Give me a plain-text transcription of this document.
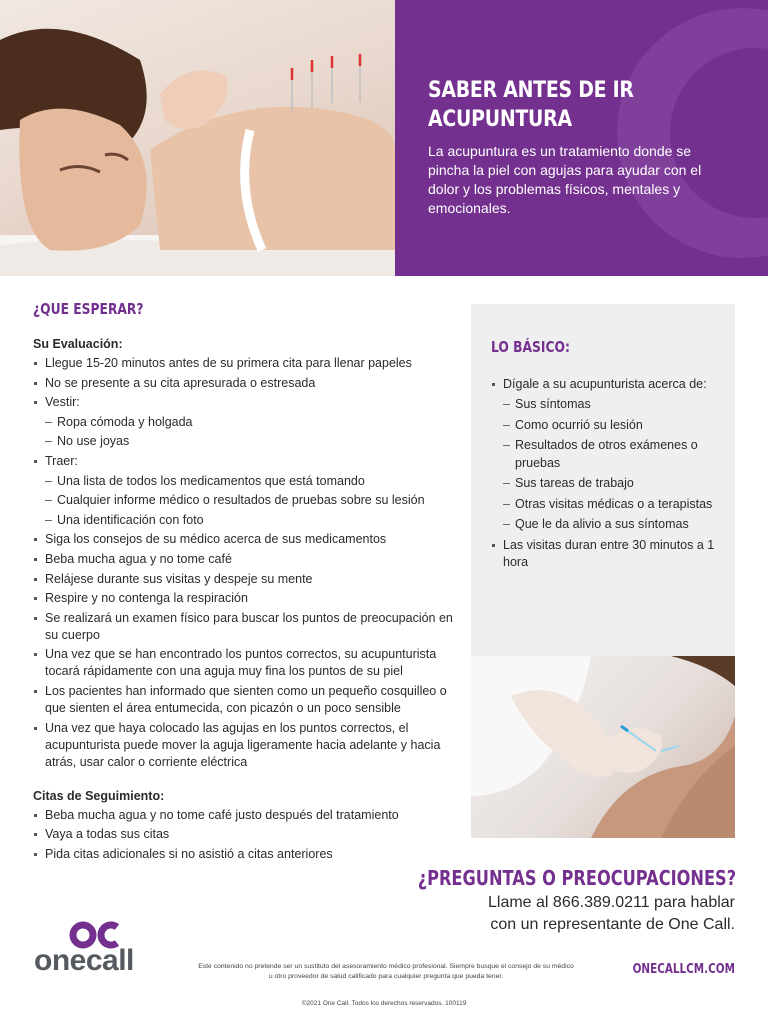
SABER ANTES DE IR
ACUPUNTURA
La acupuntura es un tratamiento donde se pincha la piel con agujas para ayudar con el dolor y los problemas físicos, mentales y emocionales.
¿QUE ESPERAR?
Su Evaluación:
Llegue 15-20 minutos antes de su primera cita para llenar papeles
No se presente a su cita apresurada o estresada
Vestir:
– Ropa cómoda y holgada
– No use joyas
Traer:
– Una lista de todos los medicamentos que está tomando
– Cualquier informe médico o resultados de pruebas sobre su lesión
– Una identificación con foto
Siga los consejos de su médico acerca de sus medicamentos
Beba mucha agua y no tome café
Relájese durante sus visitas y despeje su mente
Respire y no contenga la respiración
Se realizará un examen físico para buscar los puntos de preocupación en su cuerpo
Una vez que se han encontrado los puntos correctos, su acupunturista tocará rápidamente con una aguja muy fina los puntos de su piel
Los pacientes han informado que sienten como un pequeño cosquilleo o que sienten el área entumecida, con picazón o un poco sensible
Una vez que haya colocado las agujas en los puntos correctos, el acupunturista puede mover la aguja ligeramente hacia adelante y hacia atrás, usar calor o corriente eléctrica
Citas de Seguimiento:
Beba mucha agua y no tome café justo después del tratamiento
Vaya a todas sus citas
Pida citas adicionales si no asistió a citas anteriores
LO BÁSICO:
Dígale a su acupunturista acerca de:
– Sus síntomas
– Como ocurrió su lesión
– Resultados de otros exámenes o pruebas
– Sus tareas de trabajo
– Otras visitas médicas o a terapistas
– Que le da alivio a sus síntomas
Las visitas duran entre 30 minutos a 1 hora
¿PREGUNTAS O PREOCUPACIONES?
Llame al 866.389.0211 para hablar
con un representante de One Call.
onecall	Este contenido no pretende ser un sustituto del asesoramiento médico profesional. Siempre busque el consejo de su médico u otro proveedor de salud calificado para cualquier pregunta que pueda tener.	ONECALLCM.COM
©2021 One Call. Todos los derechos reservados. 100119
